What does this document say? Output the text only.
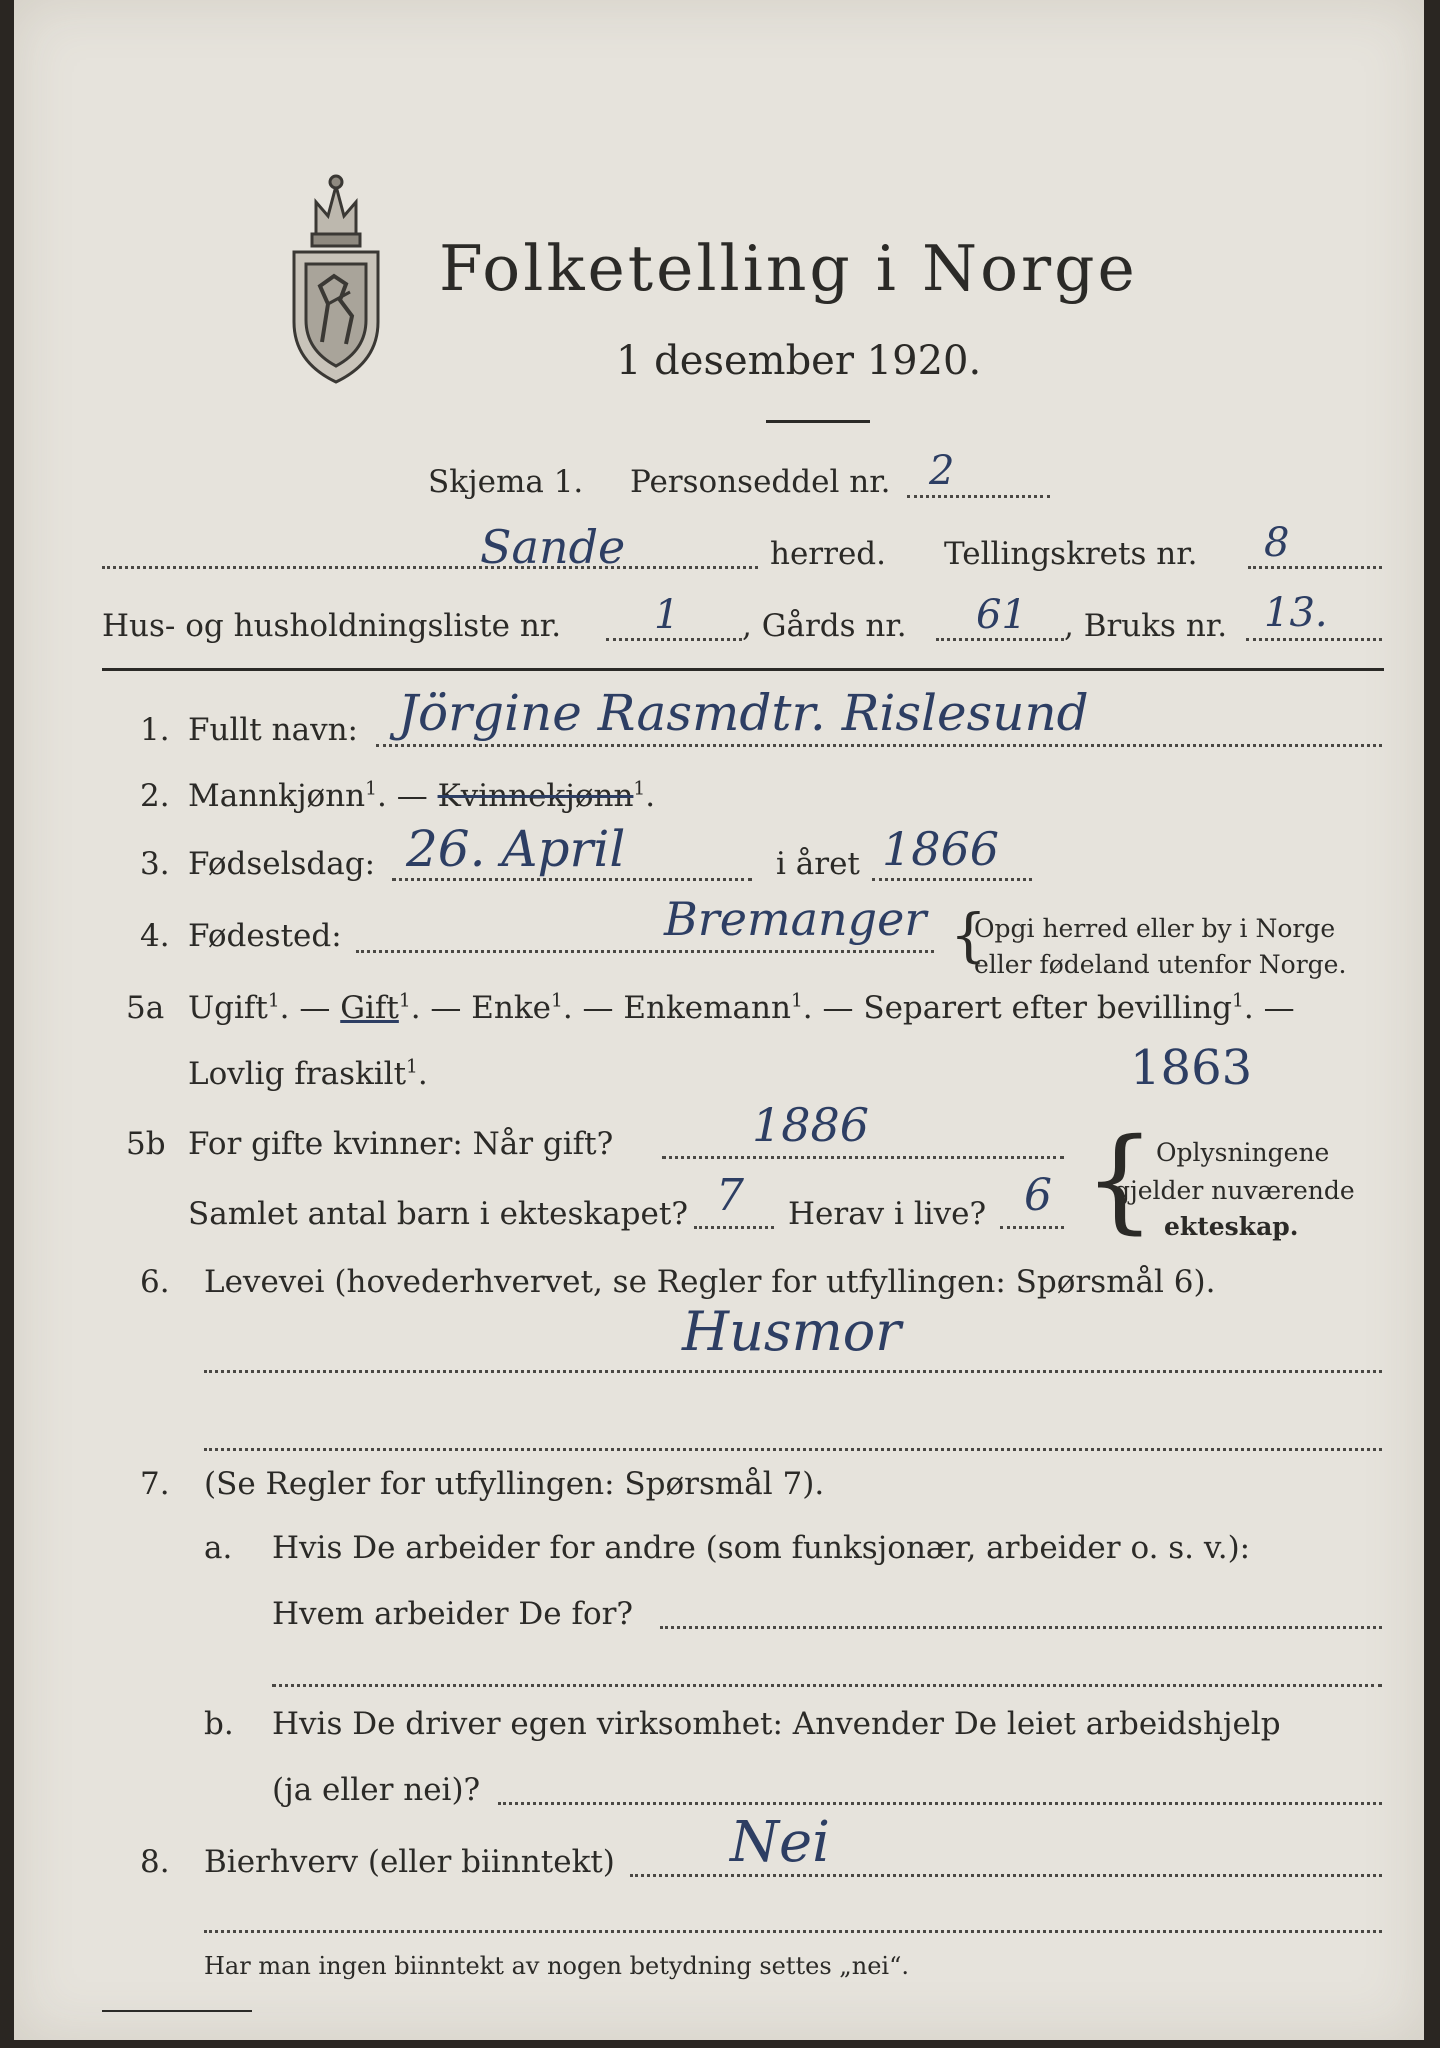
Folketelling i Norge
1 desember 1920.
Skjema 1. Personseddel nr. 2
Sande	herred. Tellingskrets nr. 8
Hus- og husholdningsliste nr. 1 , Gårds nr. 61 , Bruks nr. 13.
1. Fullt navn: Jörgine Rasmdtr. Rislesund
2. Mannkjønn$^1$. — Kvinnekjønn$^1$.
3. Fødselsdag: 26. April	i året 1866
4. Fødested:	Bremanger {
Opgi herred eller by i Norge
eller fødeland utenfor Norge.
5a Ugift$^1$. — Gift$^1$. — Enke$^1$. — Enkemann$^1$. — Separert efter bevilling$^1$. —
Lovlig fraskilt$^1$.	1863
5b For gifte kvinner: Når gift?	1886
Samlet antal barn i ekteskapet? 7 Herav i live? 6 { Oplysningene
gjelder nuværende
ekteskap.
6. Levevei (hovederhvervet, se Regler for utfyllingen: Spørsmål 6).
Husmor
7. (Se Regler for utfyllingen: Spørsmål 7).
a. Hvis De arbeider for andre (som funksjonær, arbeider o. s. v.):
Hvem arbeider De for?
b. Hvis De driver egen virksomhet: Anvender De leiet arbeidshjelp
(ja eller nei)?
8. Bierhverv (eller biinntekt) Nei
Har man ingen biinntekt av nogen betydning settes „nei“.
